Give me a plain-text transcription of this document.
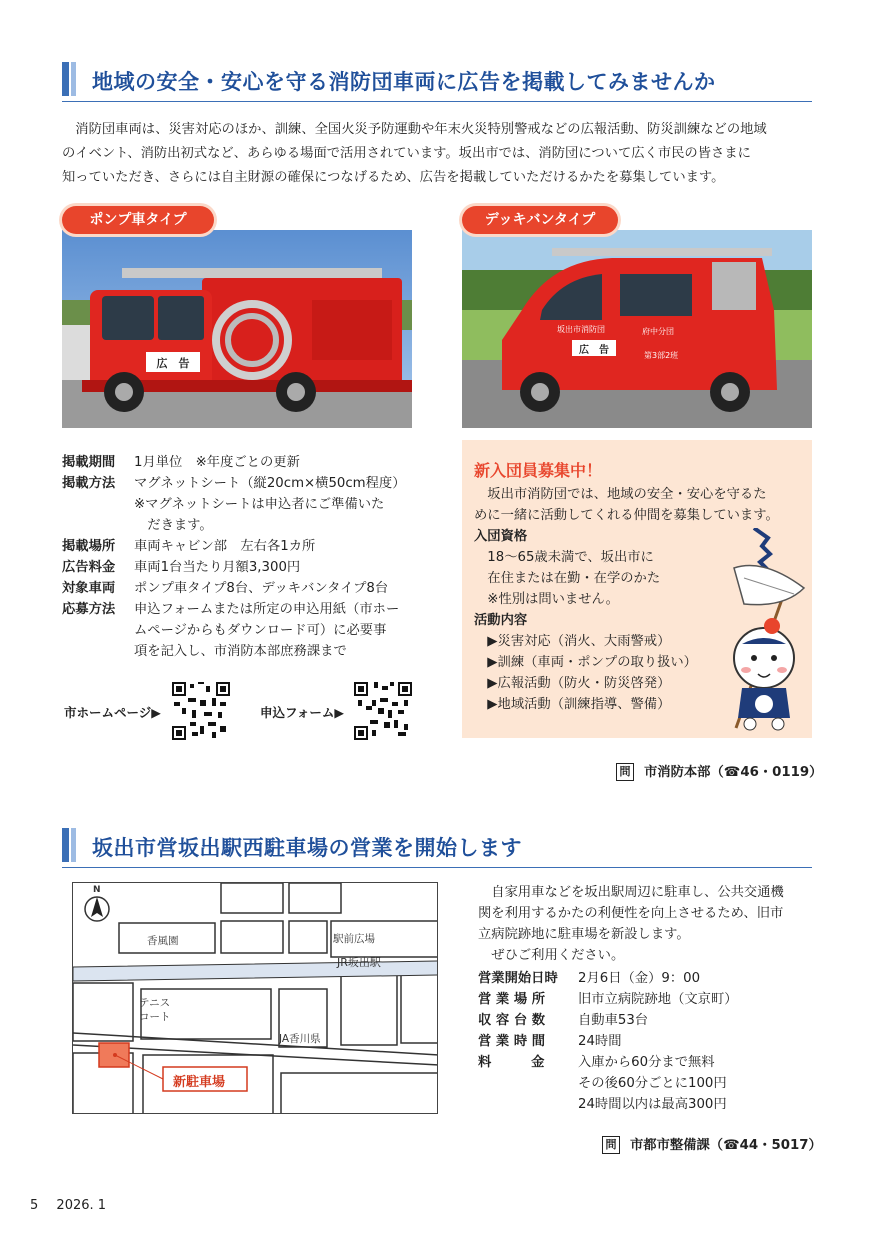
地域の安全・安心を守る消防団車両に広告を掲載してみませんか
　消防団車両は、災害対応のほか、訓練、全国火災予防運動や年末火災特別警戒などの広報活動、防災訓練などの地域
のイベント、消防出初式など、あらゆる場面で活用されています。坂出市では、消防団について広く市民の皆さまに
知っていただき、さらには自主財源の確保につなげるため、広告を掲載していただけるかたを募集しています。
広　告
ポンプ車タイプ
広　告
坂出市消防団	府中分団
第3部2班
デッキバンタイプ
掲載期間 1月単位　※年度ごとの更新
掲載方法 マグネットシート（縦20cm×横50cm程度）
※マグネットシートは申込者にご準備いた
　だきます。
掲載場所 車両キャビン部　左右各1カ所
広告料金 車両1台当たり月額3,300円
対象車両 ポンプ車タイプ8台、デッキバンタイプ8台
応募方法 申込フォームまたは所定の申込用紙（市ホー
ムページからもダウンロード可）に必要事
項を記入し、市消防本部庶務課まで
市ホームページ▶	申込フォーム▶
新入団員募集中！
　坂出市消防団では、地域の安全・安心を守るた
めに一緒に活動してくれる仲間を募集しています。
入団資格
　18～65歳未満で、坂出市に
　在住または在勤・在学のかた
　※性別は問いません。
活動内容
　▶災害対応（消火、大雨警戒）
　▶訓練（車両・ポンプの取り扱い）
　▶広報活動（防火・防災啓発）
　▶地域活動（訓練指導、警備）
問 市消防本部（☎46・0119）
坂出市営坂出駅西駐車場の営業を開始します
N
香風園	駅前広場
JR坂出駅
テニス
コート
JA香川県
新駐車場
　自家用車などを坂出駅周辺に駐車し、公共交通機
関を利用するかたの利便性を向上させるため、旧市
立病院跡地に駐車場を新設します。
　ぜひご利用ください。
営業開始日時 2月6日（金）9：00
営 業 場 所 旧市立病院跡地（文京町）
収 容 台 数 自動車53台
営 業 時 間 24時間
料　　　金	入庫から60分まで無料
その後60分ごとに100円
24時間以内は最高300円
問 市都市整備課（☎44・5017）
5 2026. 1
